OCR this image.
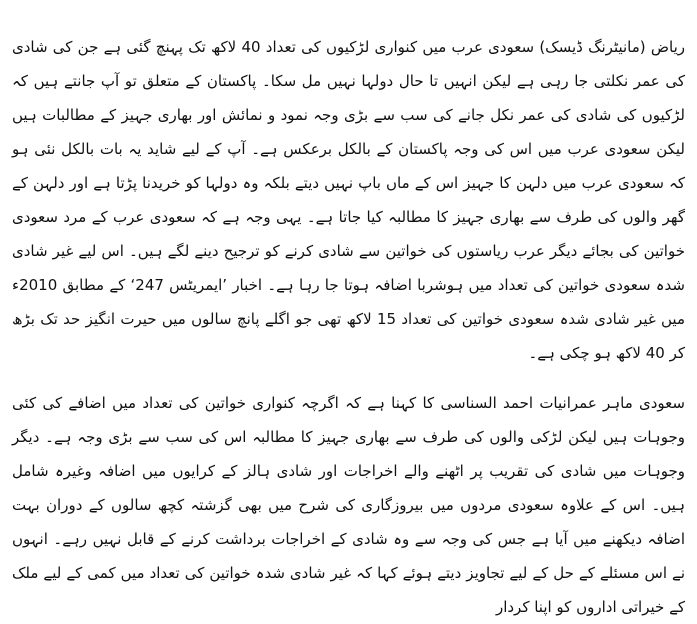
ریاض (مانیٹرنگ ڈیسک) سعودی عرب میں کنواری لڑکیوں کی تعداد 40 لاکھ تک پہنچ گئی ہے جن کی شادی کی عمر نکلتی جا رہی ہے لیکن انہیں تا حال دولہا نہیں مل سکا۔ پاکستان کے متعلق تو آپ جانتے ہیں کہ لڑکیوں کی شادی کی عمر نکل جانے کی سب سے بڑی وجہ نمود و نمائش اور بھاری جہیز کے مطالبات ہیں لیکن سعودی عرب میں اس کی وجہ پاکستان کے بالکل برعکس ہے۔ آپ کے لیے شاید یہ بات بالکل نئی ہو کہ سعودی عرب میں دلہن کا جہیز اس کے ماں باپ نہیں دیتے بلکہ وہ دولہا کو خریدنا پڑتا ہے اور دلہن کے گھر والوں کی طرف سے بھاری جہیز کا مطالبہ کیا جاتا ہے۔ یہی وجہ ہے کہ سعودی عرب کے مرد سعودی خواتین کی بجائے دیگر عرب ریاستوں کی خواتین سے شادی کرنے کو ترجیح دینے لگے ہیں۔ اس لیے غیر شادی شدہ سعودی خواتین کی تعداد میں ہوشربا اضافہ ہوتا جا رہا ہے۔ اخبار ’ایمریٹس 247‘ کے مطابق 2010ء میں غیر شادی شدہ سعودی خواتین کی تعداد 15 لاکھ تھی جو اگلے پانچ سالوں میں حیرت انگیز حد تک بڑھ کر 40 لاکھ ہو چکی ہے۔

سعودی ماہر عمرانیات احمد السناسی کا کہنا ہے کہ اگرچہ کنواری خواتین کی تعداد میں اضافے کی کئی وجوہات ہیں لیکن لڑکی والوں کی طرف سے بھاری جہیز کا مطالبہ اس کی سب سے بڑی وجہ ہے۔ دیگر وجوہات میں شادی کی تقریب پر اٹھنے والے اخراجات اور شادی ہالز کے کرایوں میں اضافہ وغیرہ شامل ہیں۔ اس کے علاوہ سعودی مردوں میں بیروزگاری کی شرح میں بھی گزشتہ کچھ سالوں کے دوران بہت اضافہ دیکھنے میں آیا ہے جس کی وجہ سے وہ شادی کے اخراجات برداشت کرنے کے قابل نہیں رہے۔ انہوں نے اس مسئلے کے حل کے لیے تجاویز دیتے ہوئے کہا کہ غیر شادی شدہ خواتین کی تعداد میں کمی کے لیے ملک کے خیراتی اداروں کو اپنا کردار
